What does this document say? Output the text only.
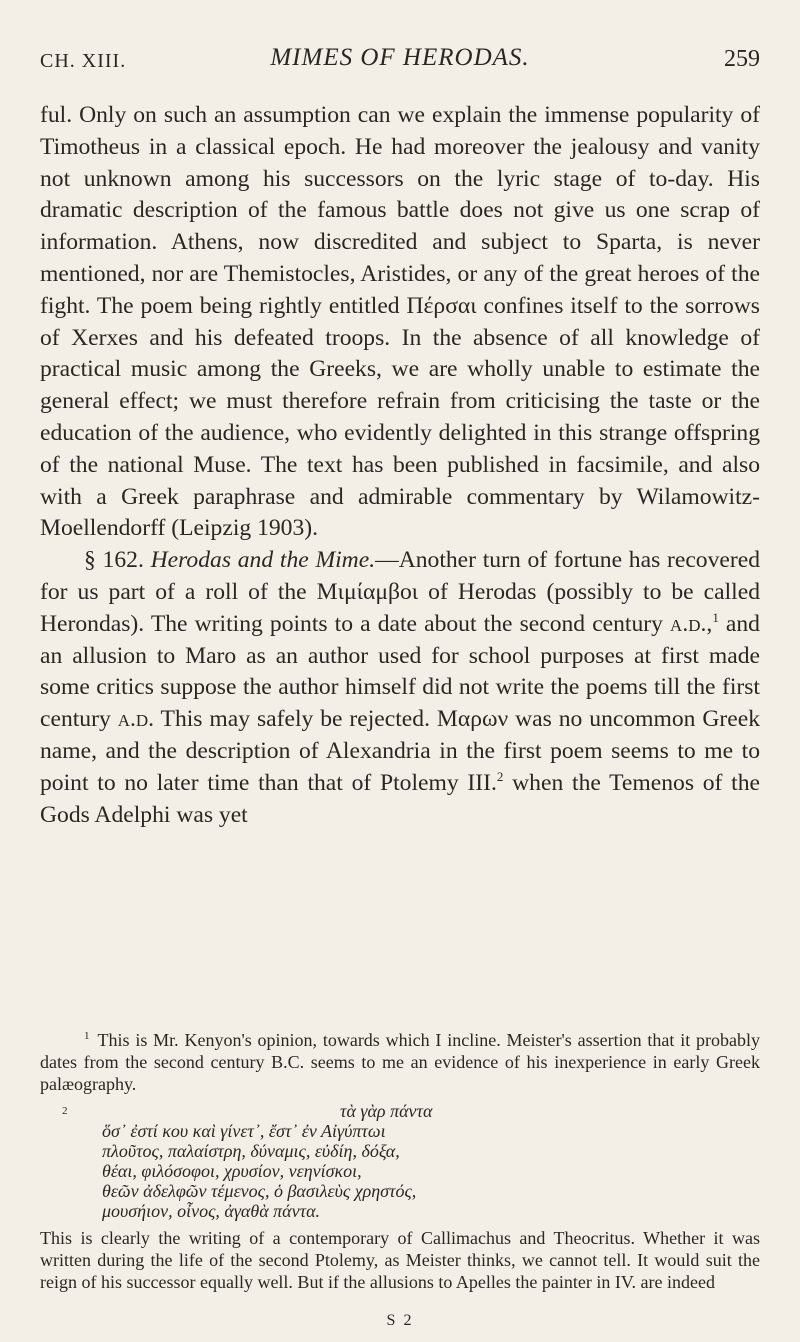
CH. XIII.	MIMES OF HERODAS.	259

ful. Only on such an assumption can we explain the immense popularity of Timotheus in a classical epoch. He had moreover the jealousy and vanity not unknown among his successors on the lyric stage of to-day. His dramatic description of the famous battle does not give us one scrap of information. Athens, now discredited and subject to Sparta, is never mentioned, nor are Themistocles, Aristides, or any of the great heroes of the fight. The poem being rightly entitled Πέρσαι confines itself to the sorrows of Xerxes and his defeated troops. In the absence of all knowledge of practical music among the Greeks, we are wholly unable to estimate the general effect; we must therefore refrain from criticising the taste or the education of the audience, who evidently delighted in this strange offspring of the national Muse. The text has been published in facsimile, and also with a Greek paraphrase and admirable commentary by Wilamowitz-Moellendorff (Leipzig 1903).

§ 162. Herodas and the Mime.—Another turn of fortune has recovered for us part of a roll of the Μιμίαμβοι of Herodas (possibly to be called Herondas). The writing points to a date about the second century a.d.,$^1$ and an allusion to Maro as an author used for school purposes at first made some critics suppose the author himself did not write the poems till the first century a.d. This may safely be rejected. Μαρων was no uncommon Greek name, and the description of Alexandria in the first poem seems to me to point to no later time than that of Ptolemy III.$^2$ when the Temenos of the Gods Adelphi was yet

$^1$ This is Mr. Kenyon's opinion, towards which I incline. Meister's assertion that it probably dates from the second century B.C. seems to me an evidence of his inexperience in early Greek palæography.

2	τὰ γὰρ πάντα
ὅσ᾽ ἐστί κου καὶ γίνετ᾽, ἔστ᾽ ἐν Αἰγύπτωι
πλοῦτος, παλαίστρη, δύναμις, εὐδίη, δόξα,
θέαι, φιλόσοφοι, χρυσίον, νεηνίσκοι,
θεῶν ἀδελφῶν τέμενος, ὁ βασιλεὺς χρηστός,
μουσήιον, οἶνος, ἀγαθὰ πάντα.

This is clearly the writing of a contemporary of Callimachus and Theocritus. Whether it was written during the life of the second Ptolemy, as Meister thinks, we cannot tell. It would suit the reign of his successor equally well. But if the allusions to Apelles the painter in IV. are indeed

S 2
